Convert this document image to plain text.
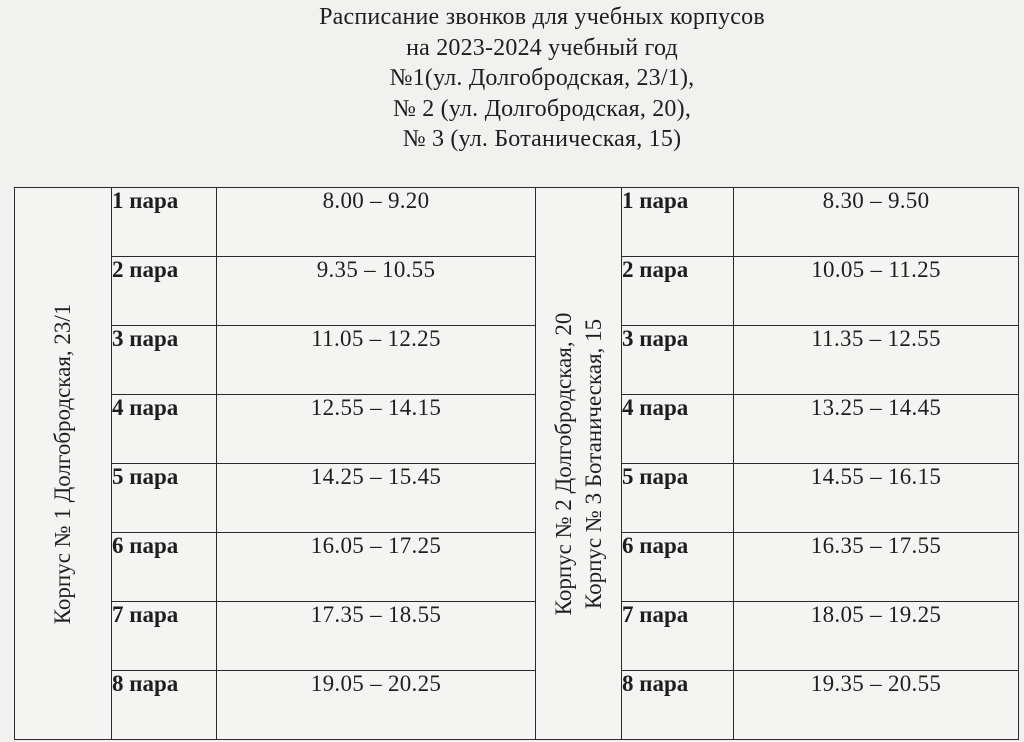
Расписание звонков для учебных корпусов
на 2023-2024 учебный год
№1(ул. Долгобродская, 23/1),
№ 2 (ул. Долгобродская, 20),
№ 3 (ул. Ботаническая, 15)
Корпус № 1 Долгобродская, 23/1	1 пара	8.00 – 9.20	Корпус № 2 Долгобродская, 20 Корпус № 3 Ботаническая, 15	1 пара	8.30 – 9.50
	2 пара	9.35 – 10.55		2 пара	10.05 – 11.25
	3 пара	11.05 – 12.25		3 пара	11.35 – 12.55
	4 пара	12.55 – 14.15		4 пара	13.25 – 14.45
	5 пара	14.25 – 15.45		5 пара	14.55 – 16.15
	6 пара	16.05 – 17.25		6 пара	16.35 – 17.55
	7 пара	17.35 – 18.55		7 пара	18.05 – 19.25
	8 пара	19.05 – 20.25		8 пара	19.35 – 20.55
